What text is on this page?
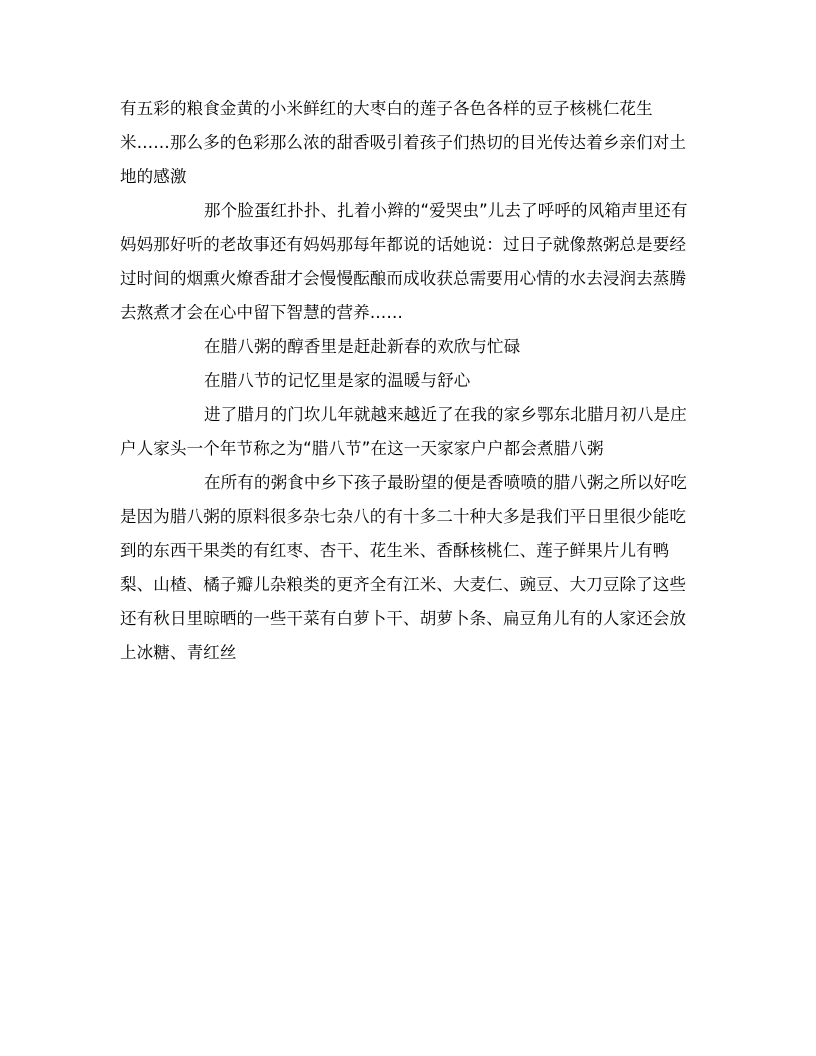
有五彩的粮食金黄的小米鲜红的大枣白的莲子各色各样的豆子核桃仁花生米……那么多的色彩那么浓的甜香吸引着孩子们热切的目光传达着乡亲们对土地的感激

那个脸蛋红扑扑、扎着小辫的“爱哭虫”儿去了呼呼的风箱声里还有妈妈那好听的老故事还有妈妈那每年都说的话她说：过日子就像熬粥总是要经过时间的烟熏火燎香甜才会慢慢酝酿而成收获总需要用心情的水去浸润去蒸腾去熬煮才会在心中留下智慧的营养……

在腊八粥的醇香里是赶赴新春的欢欣与忙碌

在腊八节的记忆里是家的温暖与舒心

进了腊月的门坎儿年就越来越近了在我的家乡鄂东北腊月初八是庄户人家头一个年节称之为“腊八节”在这一天家家户户都会煮腊八粥

在所有的粥食中乡下孩子最盼望的便是香喷喷的腊八粥之所以好吃是因为腊八粥的原料很多杂七杂八的有十多二十种大多是我们平日里很少能吃到的东西干果类的有红枣、杏干、花生米、香酥核桃仁、莲子鲜果片儿有鸭梨、山楂、橘子瓣儿杂粮类的更齐全有江米、大麦仁、豌豆、大刀豆除了这些还有秋日里晾晒的一些干菜有白萝卜干、胡萝卜条、扁豆角儿有的人家还会放上冰糖、青红丝
